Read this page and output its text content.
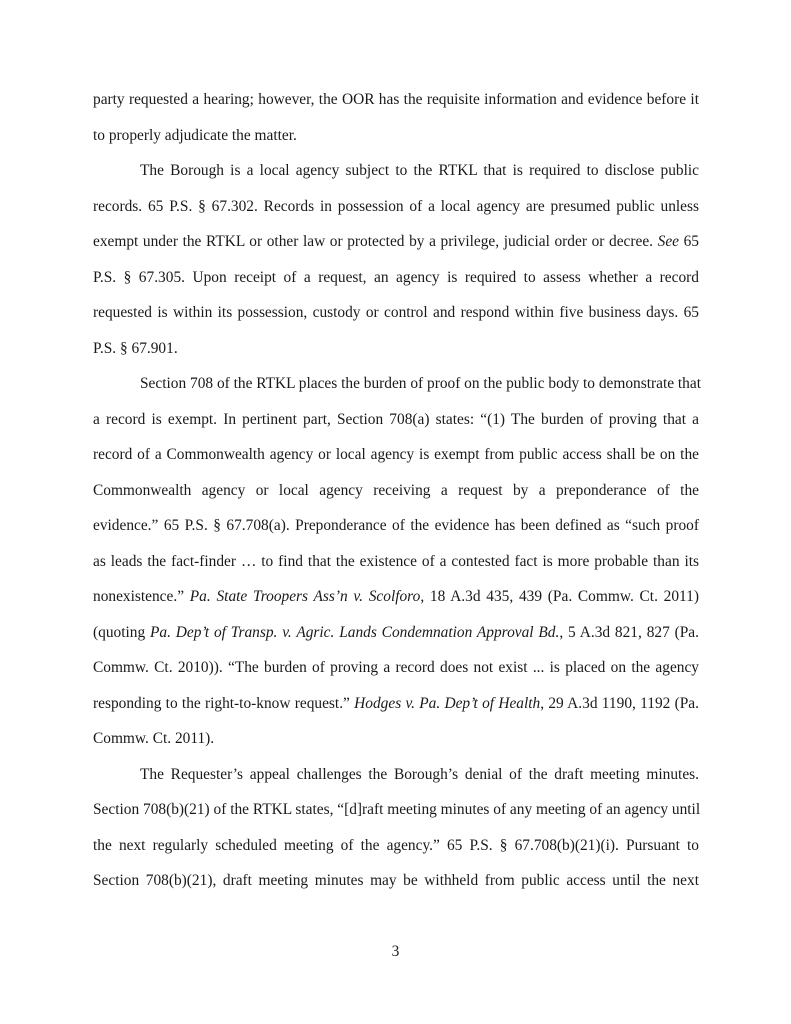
party requested a hearing; however, the OOR has the requisite information and evidence before it
to properly adjudicate the matter.
The Borough is a local agency subject to the RTKL that is required to disclose public
records. 65 P.S. § 67.302. Records in possession of a local agency are presumed public unless
exempt under the RTKL or other law or protected by a privilege, judicial order or decree. See 65
P.S. § 67.305. Upon receipt of a request, an agency is required to assess whether a record
requested is within its possession, custody or control and respond within five business days. 65
P.S. § 67.901.
Section 708 of the RTKL places the burden of proof on the public body to demonstrate that
a record is exempt. In pertinent part, Section 708(a) states: “(1) The burden of proving that a
record of a Commonwealth agency or local agency is exempt from public access shall be on the
Commonwealth agency or local agency receiving a request by a preponderance of the
evidence.” 65 P.S. § 67.708(a). Preponderance of the evidence has been defined as “such proof
as leads the fact-finder … to find that the existence of a contested fact is more probable than its
nonexistence.” Pa. State Troopers Ass’n v. Scolforo, 18 A.3d 435, 439 (Pa. Commw. Ct. 2011)
(quoting Pa. Dep’t of Transp. v. Agric. Lands Condemnation Approval Bd., 5 A.3d 821, 827 (Pa.
Commw. Ct. 2010)). “The burden of proving a record does not exist ... is placed on the agency
responding to the right-to-know request.” Hodges v. Pa. Dep’t of Health, 29 A.3d 1190, 1192 (Pa.
Commw. Ct. 2011).
The Requester’s appeal challenges the Borough’s denial of the draft meeting minutes.
Section 708(b)(21) of the RTKL states, “[d]raft meeting minutes of any meeting of an agency until
the next regularly scheduled meeting of the agency.” 65 P.S. § 67.708(b)(21)(i). Pursuant to
Section 708(b)(21), draft meeting minutes may be withheld from public access until the next
3
